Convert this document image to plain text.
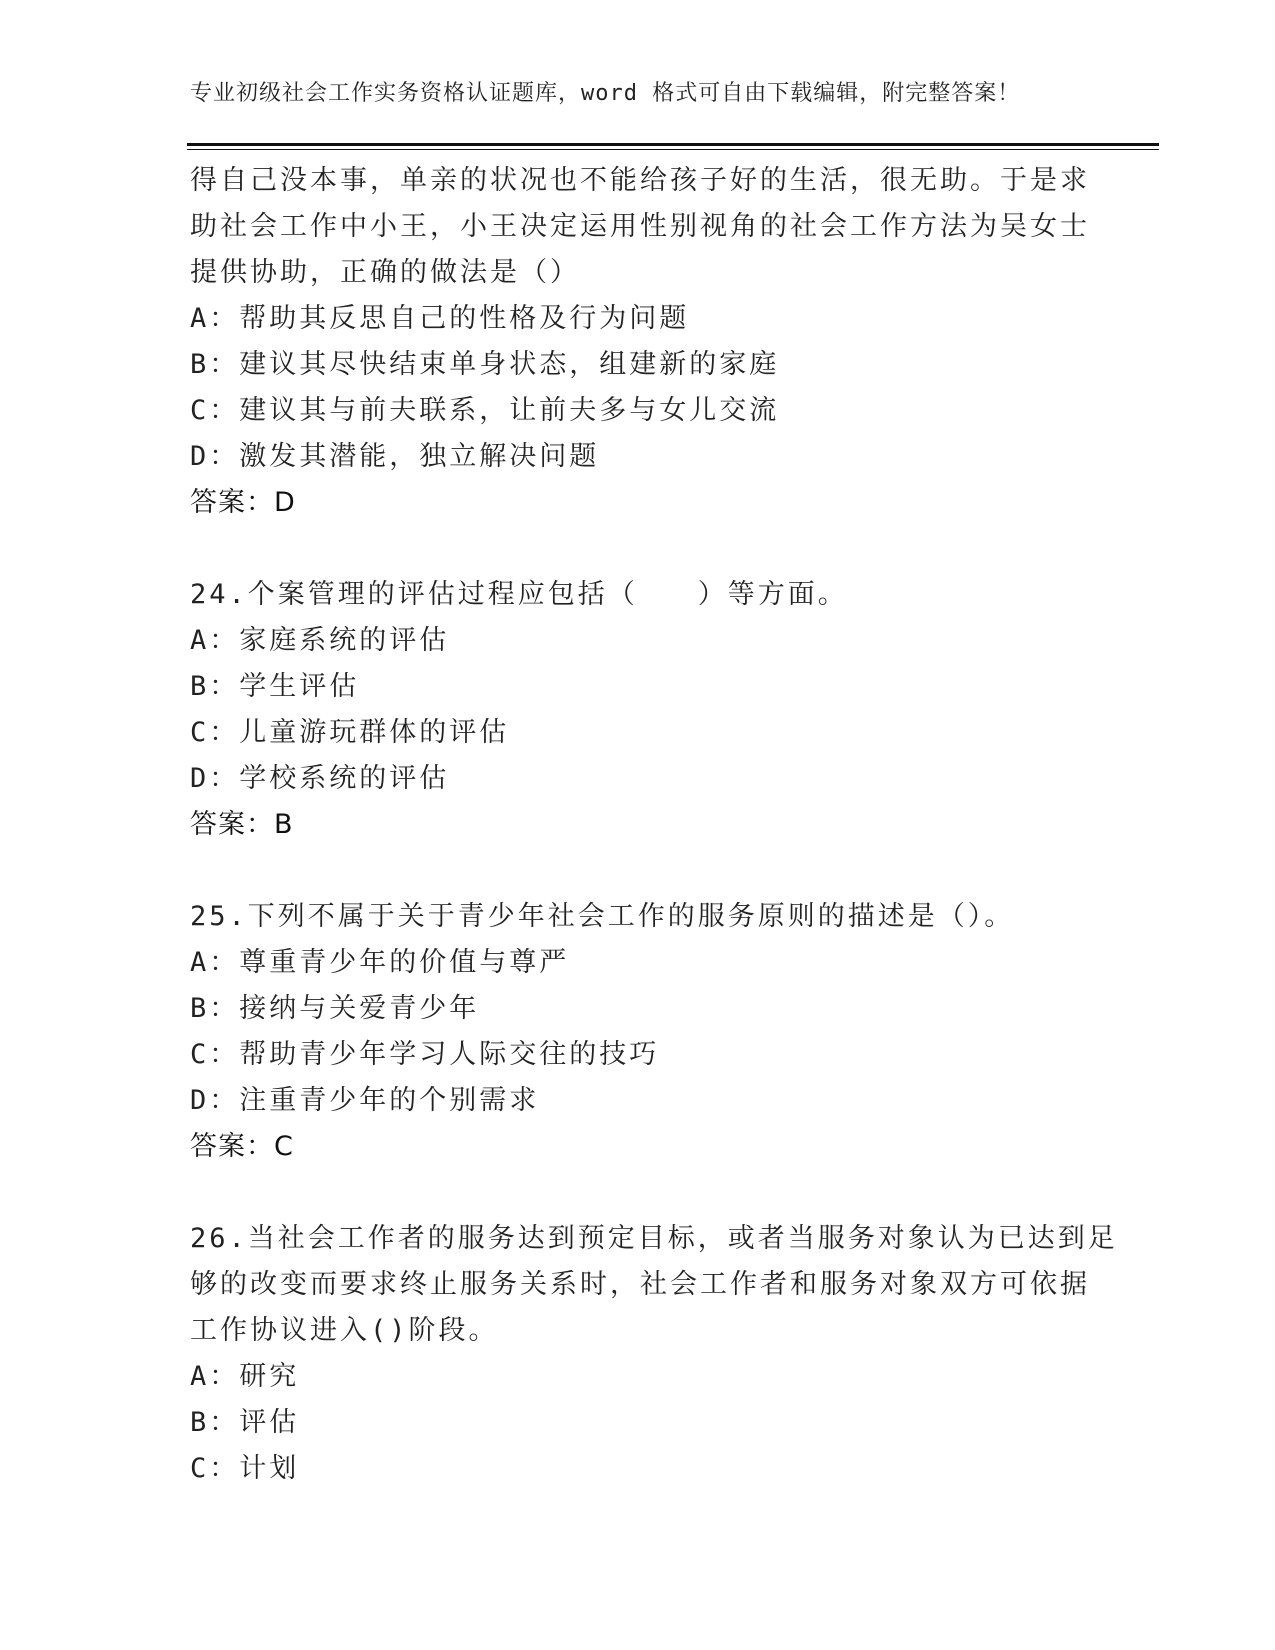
专业初级社会工作实务资格认证题库，word 格式可自由下载编辑，附完整答案！
得自己没本事，单亲的状况也不能给孩子好的生活，很无助。于是求
助社会工作中小王，小王决定运用性别视角的社会工作方法为吴女士
提供协助，正确的做法是（）
A：帮助其反思自己的性格及行为问题
B：建议其尽快结束单身状态，组建新的家庭
C：建议其与前夫联系，让前夫多与女儿交流
D：激发其潜能，独立解决问题
答案：D
24.个案管理的评估过程应包括（　　）等方面。
A：家庭系统的评估
B：学生评估
C：儿童游玩群体的评估
D：学校系统的评估
答案：B
25.下列不属于关于青少年社会工作的服务原则的描述是（）。
A：尊重青少年的价值与尊严
B：接纳与关爱青少年
C：帮助青少年学习人际交往的技巧
D：注重青少年的个别需求
答案：C
26.当社会工作者的服务达到预定目标，或者当服务对象认为已达到足
够的改变而要求终止服务关系时，社会工作者和服务对象双方可依据
工作协议进入()阶段。
A：研究
B：评估
C：计划
